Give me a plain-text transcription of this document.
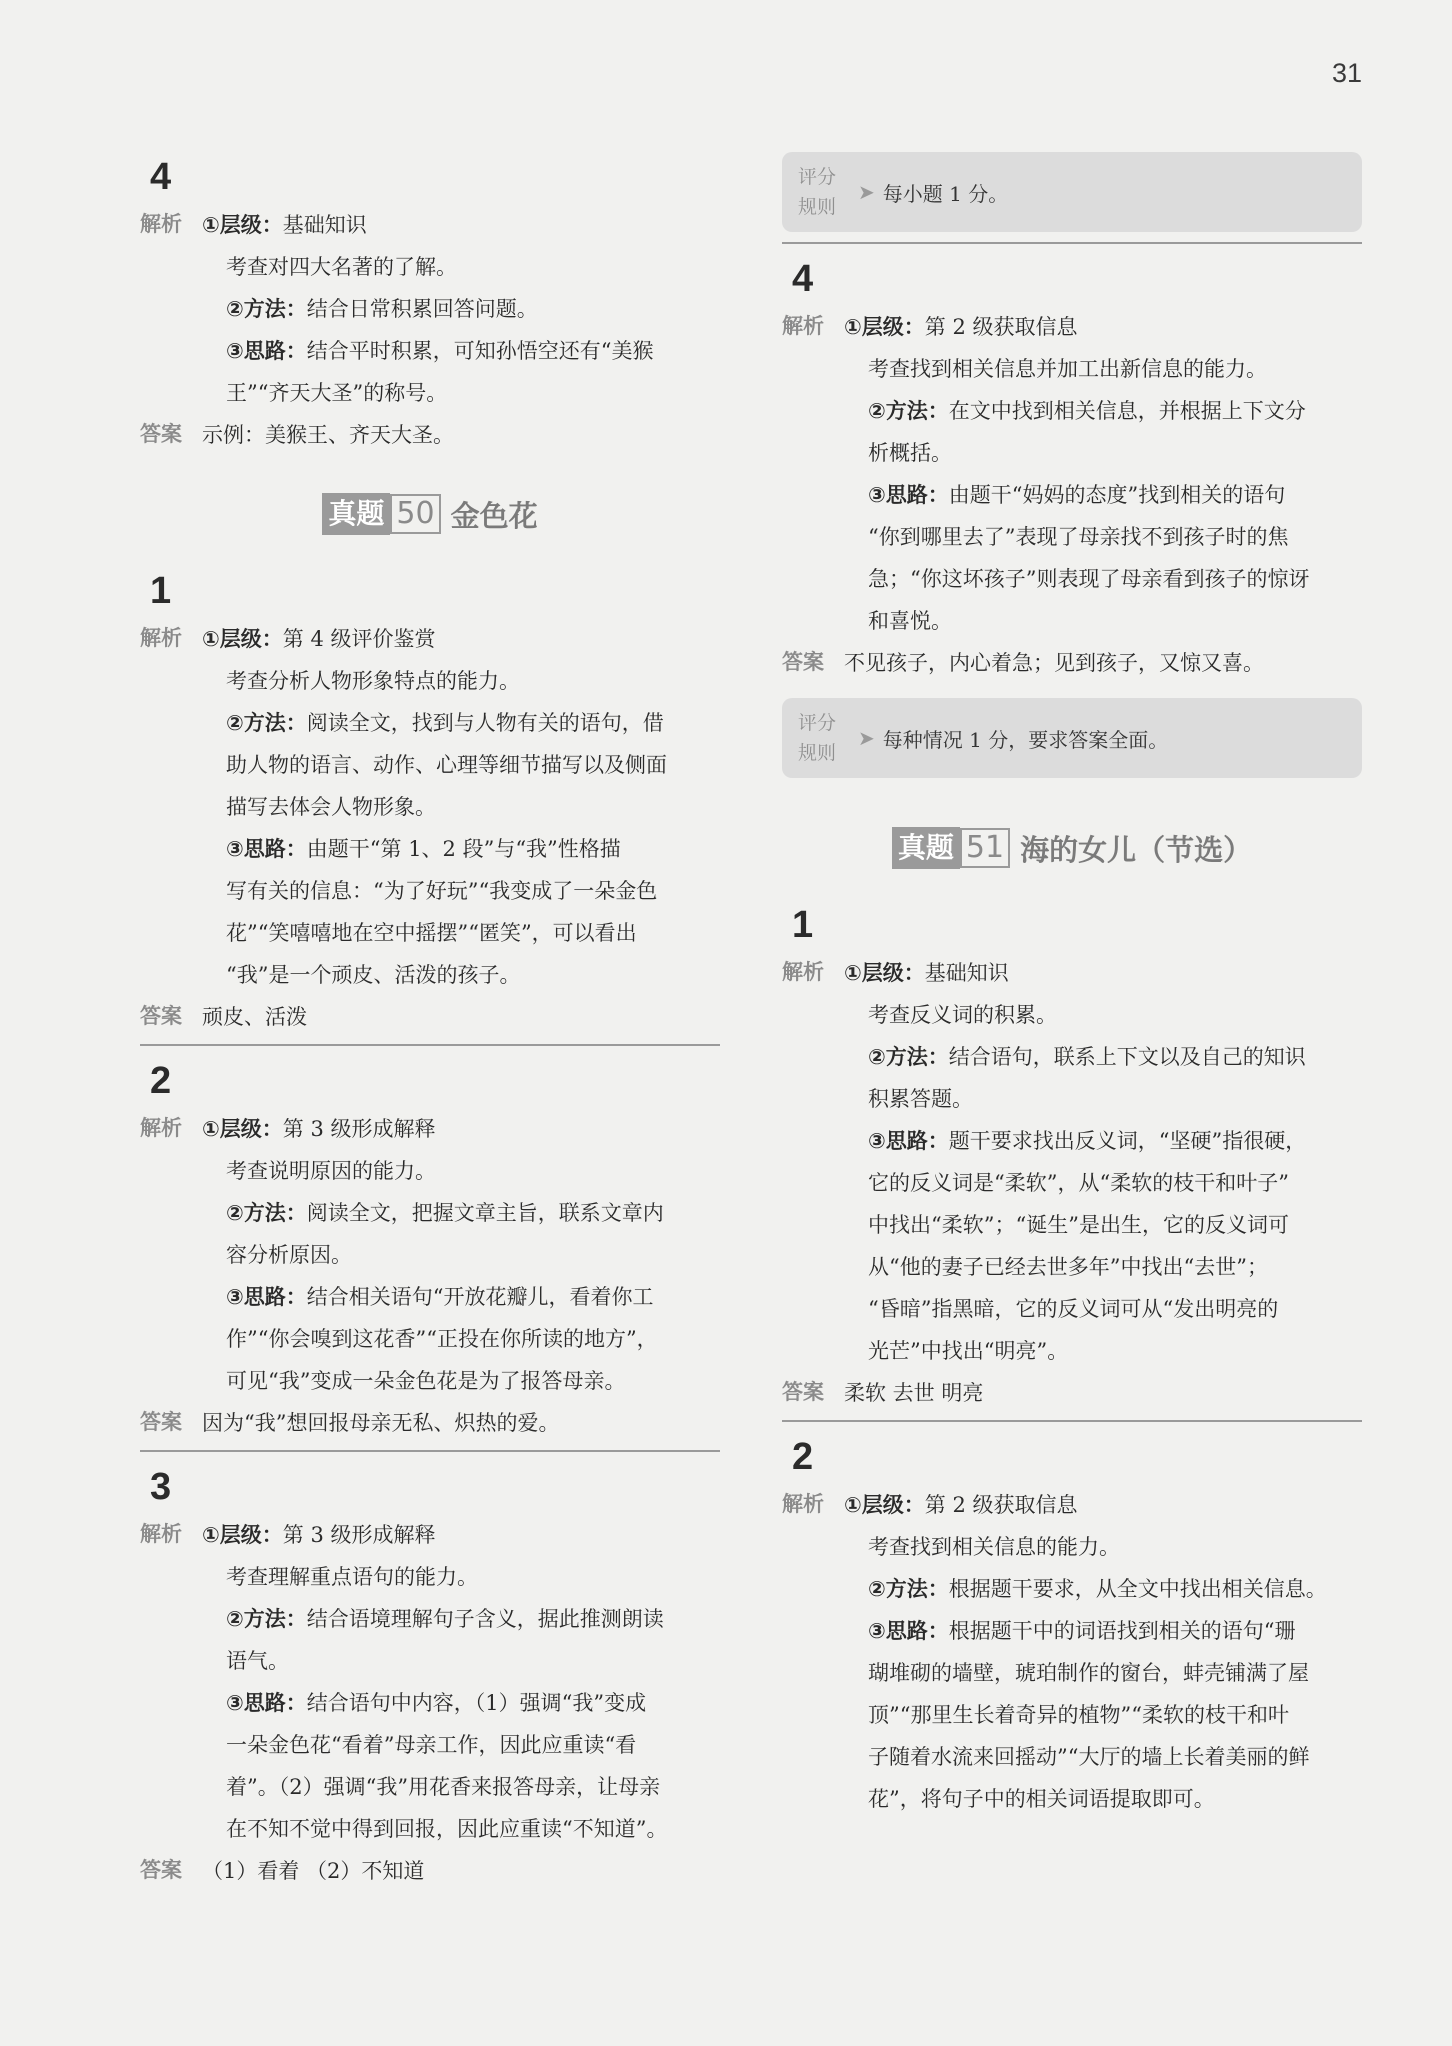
31
4
解析 ①层级：基础知识
考查对四大名著的了解。
②方法：结合日常积累回答问题。
③思路：结合平时积累，可知孙悟空还有“美猴
王”“齐天大圣”的称号。
答案 示例：美猴王、齐天大圣。
真题 50 金色花
1
解析 ①层级：第 4 级评价鉴赏
考查分析人物形象特点的能力。
②方法：阅读全文，找到与人物有关的语句，借
助人物的语言、动作、心理等细节描写以及侧面
描写去体会人物形象。
③思路：由题干“第 1、2 段”与“我”性格描
写有关的信息：“为了好玩”“我变成了一朵金色
花”“笑嘻嘻地在空中摇摆”“匿笑”，可以看出
“我”是一个顽皮、活泼的孩子。
答案 顽皮、活泼
2
解析 ①层级：第 3 级形成解释
考查说明原因的能力。
②方法：阅读全文，把握文章主旨，联系文章内
容分析原因。
③思路：结合相关语句“开放花瓣儿，看着你工
作”“你会嗅到这花香”“正投在你所读的地方”，
可见“我”变成一朵金色花是为了报答母亲。
答案 因为“我”想回报母亲无私、炽热的爱。
3
解析 ①层级：第 3 级形成解释
考查理解重点语句的能力。
②方法：结合语境理解句子含义，据此推测朗读
语气。
③思路：结合语句中内容，（1）强调“我”变成
一朵金色花“看着”母亲工作，因此应重读“看
着”。（2）强调“我”用花香来报答母亲，让母亲
在不知不觉中得到回报，因此应重读“不知道”。
答案 （1）看着 （2）不知道
评分
规则
➤ 每小题 1 分。
4
解析 ①层级：第 2 级获取信息
考查找到相关信息并加工出新信息的能力。
②方法：在文中找到相关信息，并根据上下文分
析概括。
③思路：由题干“妈妈的态度”找到相关的语句
“你到哪里去了”表现了母亲找不到孩子时的焦
急；“你这坏孩子”则表现了母亲看到孩子的惊讶
和喜悦。
答案 不见孩子，内心着急；见到孩子，又惊又喜。
评分
规则
➤ 每种情况 1 分，要求答案全面。
真题 51 海的女儿（节选）
1
解析 ①层级：基础知识
考查反义词的积累。
②方法：结合语句，联系上下文以及自己的知识
积累答题。
③思路：题干要求找出反义词，“坚硬”指很硬，
它的反义词是“柔软”，从“柔软的枝干和叶子”
中找出“柔软”；“诞生”是出生，它的反义词可
从“他的妻子已经去世多年”中找出“去世”；
“昏暗”指黑暗，它的反义词可从“发出明亮的
光芒”中找出“明亮”。
答案 柔软 去世 明亮
2
解析 ①层级：第 2 级获取信息
考查找到相关信息的能力。
②方法：根据题干要求，从全文中找出相关信息。
③思路：根据题干中的词语找到相关的语句“珊
瑚堆砌的墙壁，琥珀制作的窗台，蚌壳铺满了屋
顶”“那里生长着奇异的植物”“柔软的枝干和叶
子随着水流来回摇动”“大厅的墙上长着美丽的鲜
花”，将句子中的相关词语提取即可。
